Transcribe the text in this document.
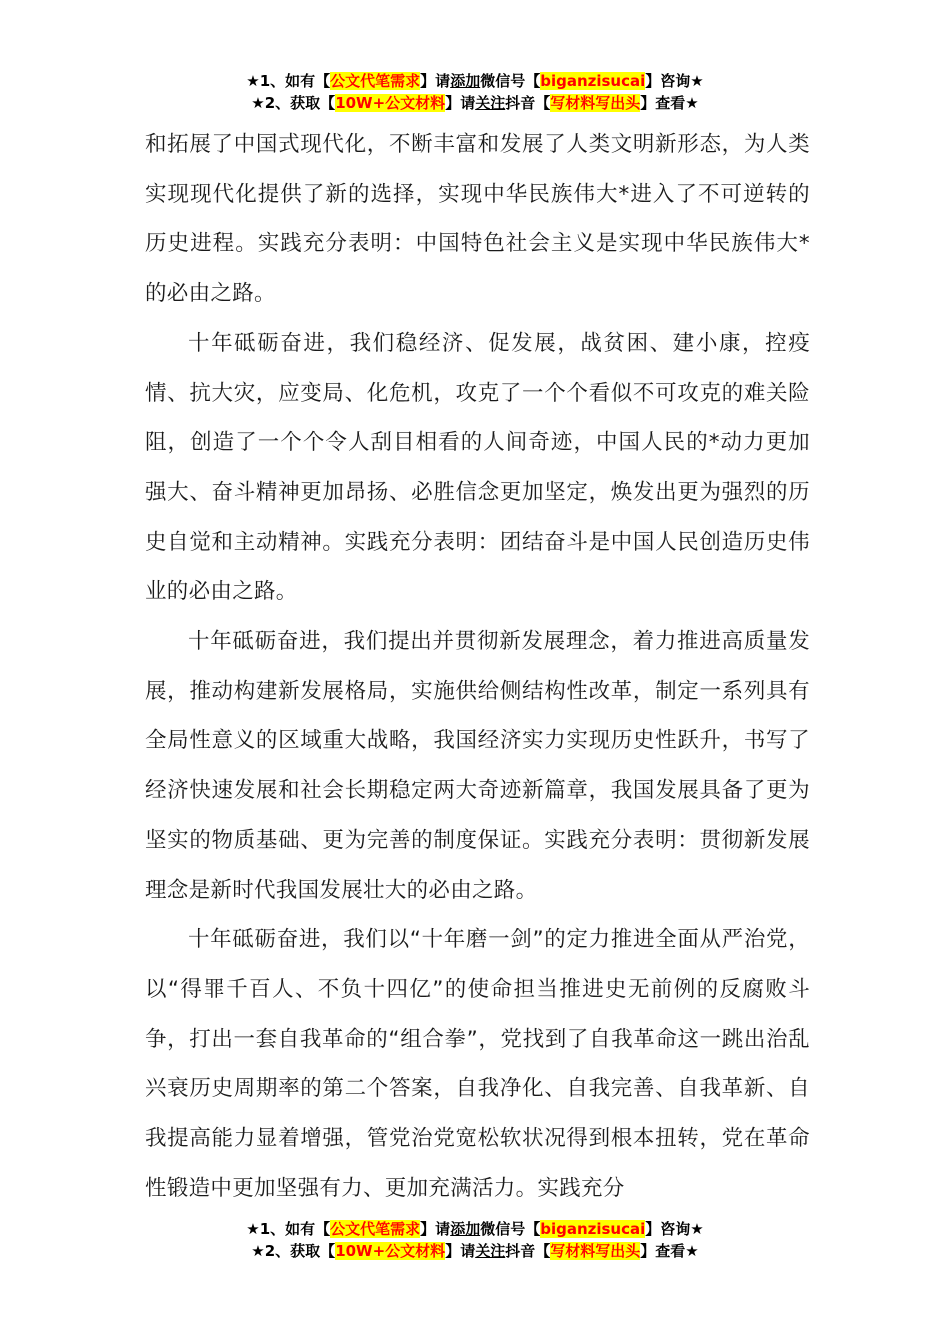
★1、如有【公文代笔需求】请添加微信号【biganzisucai】咨询★
★2、获取【10W+公文材料】请关注抖音【写材料写出头】查看★

和拓展了中国式现代化，不断丰富和发展了人类文明新形态，为人类实现现代化提供了新的选择，实现中华民族伟大*进入了不可逆转的历史进程。实践充分表明：中国特色社会主义是实现中华民族伟大*的必由之路。

十年砥砺奋进，我们稳经济、促发展，战贫困、建小康，控疫情、抗大灾，应变局、化危机，攻克了一个个看似不可攻克的难关险阻，创造了一个个令人刮目相看的人间奇迹，中国人民的*动力更加强大、奋斗精神更加昂扬、必胜信念更加坚定，焕发出更为强烈的历史自觉和主动精神。实践充分表明：团结奋斗是中国人民创造历史伟业的必由之路。

十年砥砺奋进，我们提出并贯彻新发展理念，着力推进高质量发展，推动构建新发展格局，实施供给侧结构性改革，制定一系列具有全局性意义的区域重大战略，我国经济实力实现历史性跃升，书写了经济快速发展和社会长期稳定两大奇迹新篇章，我国发展具备了更为坚实的物质基础、更为完善的制度保证。实践充分表明：贯彻新发展理念是新时代我国发展壮大的必由之路。

十年砥砺奋进，我们以“十年磨一剑”的定力推进全面从严治党，以“得罪千百人、不负十四亿”的使命担当推进史无前例的反腐败斗争，打出一套自我革命的“组合拳”，党找到了自我革命这一跳出治乱兴衰历史周期率的第二个答案，自我净化、自我完善、自我革新、自我提高能力显着增强，管党治党宽松软状况得到根本扭转，党在革命性锻造中更加坚强有力、更加充满活力。实践充分

★1、如有【公文代笔需求】请添加微信号【biganzisucai】咨询★
★2、获取【10W+公文材料】请关注抖音【写材料写出头】查看★
